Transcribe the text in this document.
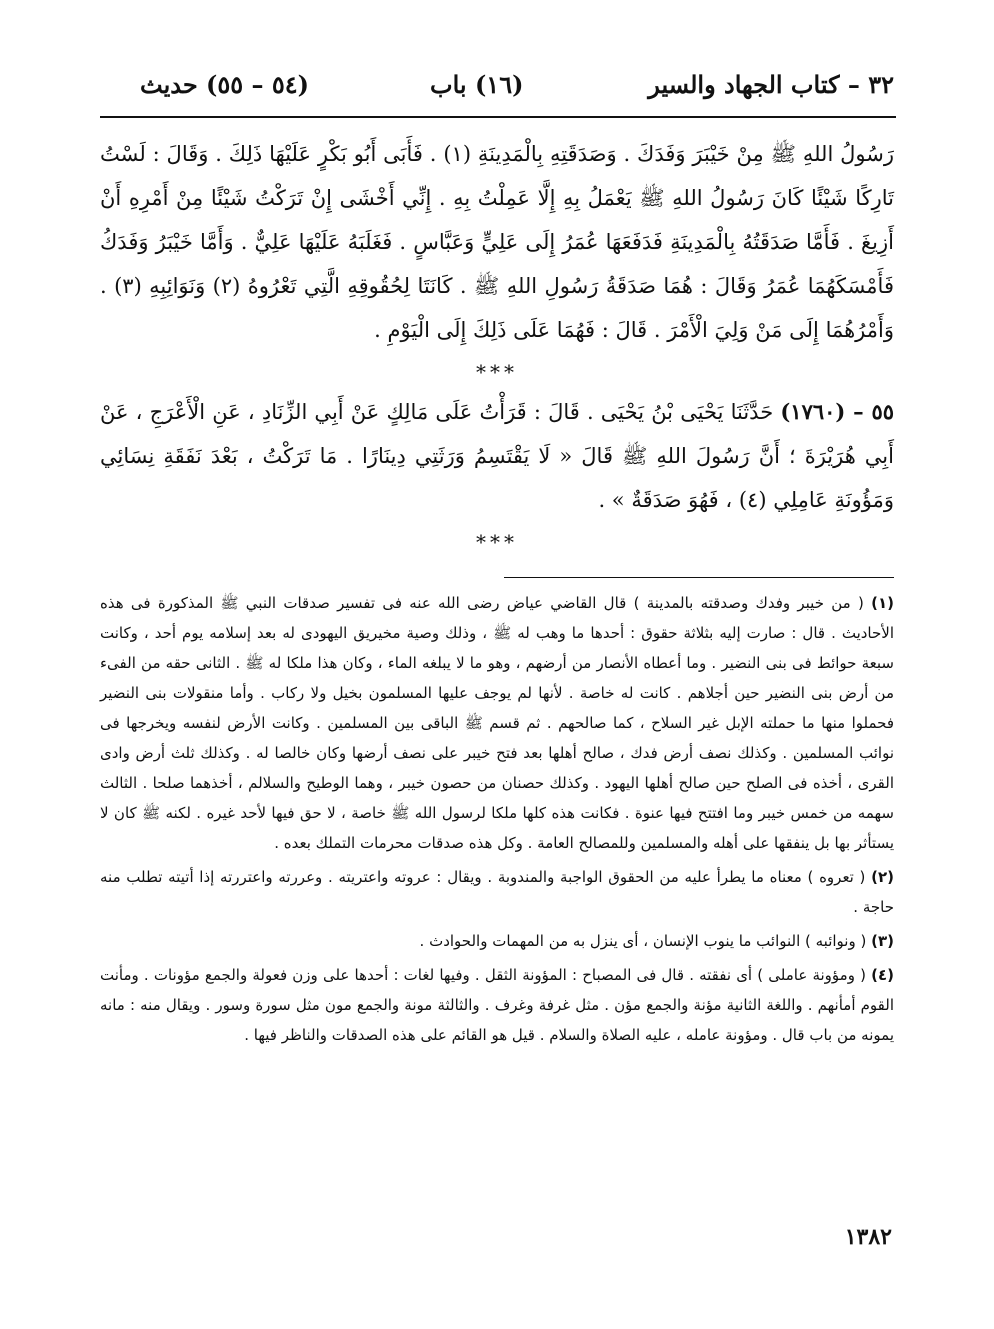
٣٢ – كتاب الجهاد والسير
(١٦) باب
(٥٤ – ٥٥) حديث

رَسُولُ اللهِ ﷺ مِنْ خَيْبَرَ وَفَدَكَ . وَصَدَقَتِهِ بِالْمَدِينَةِ (١) . فَأَبَى أَبُو بَكْرٍ عَلَيْهَا ذَلِكَ . وَقَالَ : لَسْتُ تَارِكًا شَيْئًا كَانَ رَسُولُ اللهِ ﷺ يَعْمَلُ بِهِ إِلَّا عَمِلْتُ بِهِ . إِنِّي أَخْشَى إِنْ تَرَكْتُ شَيْئًا مِنْ أَمْرِهِ أَنْ أَزِيغَ . فَأَمَّا صَدَقَتُهُ بِالْمَدِينَةِ فَدَفَعَهَا عُمَرُ إِلَى عَلِيٍّ وَعَبَّاسٍ . فَغَلَبَهُ عَلَيْهَا عَلِيٌّ . وَأَمَّا خَيْبَرُ وَفَدَكُ فَأَمْسَكَهُمَا عُمَرُ وَقَالَ : هُمَا صَدَقَةُ رَسُولِ اللهِ ﷺ . كَانَتَا لِحُقُوقِهِ الَّتِي تَعْرُوهُ (٢) وَنَوَائِبِهِ (٣) . وَأَمْرُهُمَا إِلَى مَنْ وَلِيَ الْأَمْرَ . قَالَ : فَهُمَا عَلَى ذَلِكَ إِلَى الْيَوْمِ .

***

٥٥ – (١٧٦٠) حَدَّثَنَا يَحْيَى بْنُ يَحْيَى . قَالَ : قَرَأْتُ عَلَى مَالِكٍ عَنْ أَبِي الزِّنَادِ ، عَنِ الْأَعْرَجِ ، عَنْ أَبِي هُرَيْرَةَ ؛ أَنَّ رَسُولَ اللهِ ﷺ قَالَ « لَا يَقْتَسِمُ وَرَثَتِي دِينَارًا . مَا تَرَكْتُ ، بَعْدَ نَفَقَةِ نِسَائِي وَمَؤُونَةِ عَامِلِي (٤) ، فَهُوَ صَدَقَةٌ » .

***

(١) ( من خيبر وفدك وصدقته بالمدينة ) قال القاضي عياض رضى الله عنه فى تفسير صدقات النبي ﷺ المذكورة فى هذه الأحاديث . قال : صارت إليه بثلاثة حقوق : أحدها ما وهب له ﷺ ، وذلك وصية مخيريق اليهودى له بعد إسلامه يوم أحد ، وكانت سبعة حوائط فى بنى النضير . وما أعطاه الأنصار من أرضهم ، وهو ما لا يبلغه الماء ، وكان هذا ملكا له ﷺ . الثانى حقه من الفىء من أرض بنى النضير حين أجلاهم . كانت له خاصة . لأنها لم يوجف عليها المسلمون بخيل ولا ركاب . وأما منقولات بنى النضير فحملوا منها ما حملته الإبل غير السلاح ، كما صالحهم . ثم قسم ﷺ الباقى بين المسلمين . وكانت الأرض لنفسه ويخرجها فى نوائب المسلمين . وكذلك نصف أرض فدك ، صالح أهلها بعد فتح خيبر على نصف أرضها وكان خالصا له . وكذلك ثلث أرض وادى القرى ، أخذه فى الصلح حين صالح أهلها اليهود . وكذلك حصنان من حصون خيبر ، وهما الوطيح والسلالم ، أخذهما صلحا . الثالث سهمه من خمس خيبر وما افتتح فيها عنوة . فكانت هذه كلها ملكا لرسول الله ﷺ خاصة ، لا حق فيها لأحد غيره . لكنه ﷺ كان لا يستأثر بها بل ينفقها على أهله والمسلمين وللمصالح العامة . وكل هذه صدقات محرمات التملك بعده .

(٢) ( تعروه ) معناه ما يطرأ عليه من الحقوق الواجبة والمندوبة . ويقال : عروته واعتريته . وعررته واعتررته إذا أتيته تطلب منه حاجة .

(٣) ( ونوائبه ) النوائب ما ينوب الإنسان ، أى ينزل به من المهمات والحوادث .

(٤) ( ومؤونة عاملى ) أى نفقته . قال فى المصباح : المؤونة الثقل . وفيها لغات : أحدها على وزن فعولة والجمع مؤونات . ومأنت القوم أمأنهم . واللغة الثانية مؤنة والجمع مؤن . مثل غرفة وغرف . والثالثة مونة والجمع مون مثل سورة وسور . ويقال منه : مانه يمونه من باب قال . ومؤونة عامله ، عليه الصلاة والسلام . قيل هو القائم على هذه الصدقات والناظر فيها .

١٣٨٢
